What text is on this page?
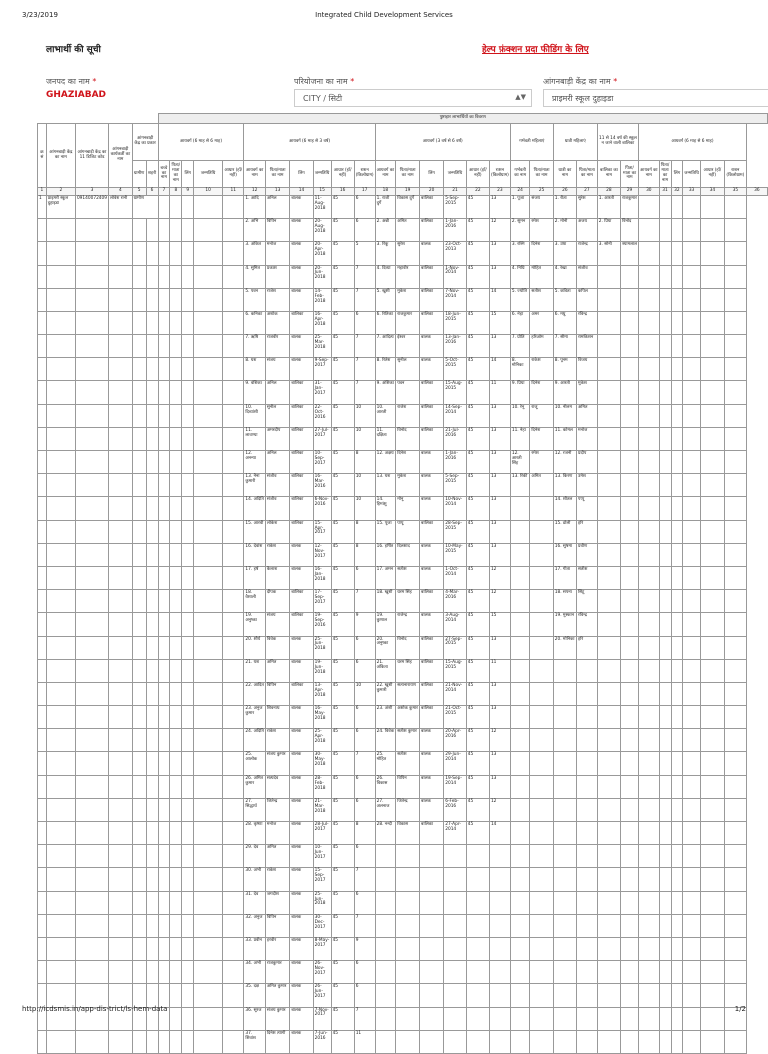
3/23/2019	Integrated Child Development Services
लाभार्थी की सूची	हेल्प फ़ंक्शन प्रदा फीडिंग के लिए
जनपद का नाम *	परियोजना का नाम *	आंगनबाड़ी केंद्र का नाम *
GHAZIABAD	CITY / सिटी	▲▼	प्राइमरी स्कूल दुहाइडा
						पुष्टाहार लाभार्थियों का विवरण																													
क्र सं	आंगनबाड़ी केंद्र का नाम	आंगनबाड़ी केंद्र का 11 डिजिट कोड	आंगनबाड़ी कार्यकर्त्री का नाम	आंगनबाड़ी केंद्र का प्रकार		आयवर्ग (6 माह से 6 माह)					आयवर्ग (6 माह से 3 वर्ष)						आयवर्ग (3 वर्ष से 6 वर्ष)						गर्भवती महिलाएं		धात्री महिलाएं		11 से 14 वर्ष की स्कूल न जाने वाली बालिका		आयवर्ग (6 माह से 6 माह)						
				ग्रामीण	शहरी	बच्चे का नाम	पिता/माता का नाम	लिंग	जन्मतिथि	आधार (हाँ/नहीं)	आयवर्ग का नाम	पिता/माता का नाम	लिंग	जन्मतिथि	आधार (हाँ/नहीं)	राशन (किलोग्राम)	आयवर्ग का नाम	पिता/माता का नाम	लिंग	जन्मतिथि	आधार (हाँ/नहीं)	राशन (किलोग्राम)	गर्भवती का नाम	पिता/माता का नाम	धात्री का नाम	पिता/माता का नाम	बालिका का नाम	पिता/माता का नाम	आयवर्ग का नाम	पिता/माता का नाम	लिंग	जन्मतिथि	आधार (हाँ/नहीं)	राशन (किलोग्राम)	
1	2	3	4	5	6	7	8	9	10	11	12	13	14	15	16	17	18	19	20	21	22	23	24	25	26	27	28	29	30	31	32	33	34	35	36
1	प्राइमरी स्कूल दुहाइडा	09140072409	लोवेश रानी	ग्रामीण							1. आदि	अनिल	बालक	11-Aug-2018	45	6	1. राजी दुर्गे	विकास दुर्गे	बालिका	5-Sep-2015	45	13	1. पूजा	संजय	1. रीता	सुरेश	1. आरती	राजकुमार							
											2. अभि	विपिन	बालक	20-Aug-2018	45	6	2. अन्नी	अमित	बालिका	1-Jan-2016	45	12	2. सुमन	रमेश	2. मोनी	अजय	2. प्रिया	विनोद							
											3. अंकित	मनोज	बालक	20-Apr-2018	45	5	3. रिंकू	सुरेश	बालक	23-Oct-2013	45	13	3. रश्मि	दिनेश	3. उषा	राजेन्द्र	3. सोनी	श्यामलाल							
											4. सुमित	प्रकाश	बालक	20-Jun-2018	45	7	4. दिव्या	महावीर	बालिका	1-Nov-2014	45	13	4. निधि	मोहित	4. रेखा	संजीव									
											5. पवन	राजेश	बालक	14-Feb-2018	45	7	5. खुशी	मुकेश	बालिका	7-Nov-2014	45	14	5. ज्योति	सतीश	5. कविता	कपिल									
											6. कनिका	अशोक	बालिका	16-Apr-2018	45	6	6. रितिका	राजकुमार	बालिका	18-Jun-2015	45	15	6. नेहा	अमर	6. मधु	रविन्द्र									
											7. ऋषि	राजवीर	बालक	25-Mar-2018	45	7	7. आदित्य	ईश्वर	बालक	13-Jan-2016	45	13	7. प्रीति	हरिओम	7. सीमा	रामकिशन									
											8. यश	संजय	बालक	9-Sep-2017	45	7	8. रितेश	सुनील	बालक	5-Oct-2015	45	14	8. मोनिका	राकेश	8. पूनम	विजय									
											9. वंशिका	अनिल	बालिका	31-Jan-2017	45	7	9. अंशिका	पवन	बालिका	15-Aug-2015	45	11	9. प्रिया	दिनेश	9. आरती	मुकेश									
											10. दिव्यांशी	सुनील	बालिका	22-Oct-2016	45	10	10. आरती	राजेश	बालिका	14-Sep-2014	45	13	10. रेनू	राजू	10. नीलम	अमित									
											11. लावण्या	अमरदीप	बालिका	27-Jul-2017	45	10	11. दक्षिता	विनोद	बालिका	21-Jul-2016	45	13	11. नेहा	दिनेश	11. कोमल	मनोज									
											12. अनन्या	अनिल	बालिका	10-Sep-2017	45	8	12. अक्षय	दिनेश	बालक	1-Jan-2016	45	13	12. आरती सिंह	रमेश	12. रजनी	प्रदीप									
											13. नैना कुमारी	संजीव	बालिका	16-Mar-2016	45	10	13. यश	मुकेश	बालक	5-Sep-2015	45	13	13. रिंकी	अमित	13. किरण	उमेश									
											14. अदिति	संजीव	बालिका	6-Nov-2016	45	10	14. हिमांशु	मोनू	बालक	10-Nov-2014	45	13			14. शीतल	पप्पू									
											15. आरवी	लोकेश	बालिका	15-Apr-2017	45	8	15. पूजा	पप्पू	बालिका	28-Sep-2015	45	13			15. डोली	हरि									
											16. देवांश	राकेश	बालक	12-Nov-2017	45	8	16. हर्षित	दिलशाद	बालक	10-May-2015	45	13			16. सुषमा	प्रवीण									
											17. हर्ष	कैलाश	बालक	16-Jan-2018	45	6	17. अमन	सतीश	बालक	1-Oct-2014	45	12			17. गीता	सतीश									
											18. वैशाली	दीपक	बालिका	17-Sep-2017	45	7	18. खुशी	धरम सिंह	बालिका	4-Mar-2016	45	12			18. सपना	सिंटू									
											19. अनुष्का	संजय	बालिका	19-Sep-2016	45	9	19. कुणाल	राजेन्द्र	बालक	3-Aug-2014	45	15			19. मुस्कान	रविन्द्र									
											20. शौर्य	विवेक	बालक	25-Jun-2018	45	6	20. अनुष्का	विनोद	बालिका	27-Sep-2015	45	13			20. मोनिका	हरि									
											21. यश	अमित	बालक	19-Jun-2018	45	6	21. अंकिता	धरम सिंह	बालिका	15-Aug-2015	45	11													
											22. आदित	विपिन	बालिका	13-Apr-2018	45	10	22. खुशी कुमारी	सत्यनारायण	बालिका	21-Nov-2014	45	13													
											23. अनुज कुमार	शिवनाथ	बालक	16-May-2018	45	6	23. अंशी	अशोक कुमार	बालिका	21-Oct-2015	45	13													
											24. अदिति	राकेश	बालक	25-Apr-2018	45	6	24. विवेक	सतीश कुमार	बालक	20-Apr-2016	45	12													
											25. आलोक	संजय कुमार	बालक	30-May-2018	45	7	25. मोहित	सतीश	बालक	29-Jun-2014	45	13													
											26. अमित कुमार	सत्यदेव	बालक	28-Feb-2018	45	6	26. विकास	विपिन	बालक	19-Sep-2014	45	13													
											27. सिद्धार्थ	जितेन्द्र	बालक	21-Mar-2018	45	6	27. अलनाज	जितेन्द्र	बालक	6-Feb-2016	45	12													
											28. कृष्णा	मनोज	बालक	28-Jul-2017	45	8	28. नन्दी	विकास	बालिका	27-Apr-2014	45	14													
											29. देव	अमित	बालक	10-Jun-2017	45	6																			
											30. अभी	राकेश	बालक	15-Sep-2017	45	7																			
											31. देव	जगदीश	बालक	25-Jun-2018	45	6																			
											32. अनुज	विपिन	बालक	30-Dec-2017	45	7																			
											33. प्रवीन	हरवीर	बालक	8-May-2017	45	9																			
											34. अभी	राजकुमार	बालक	26-Nov-2017	45	6																			
											35. दक्ष	अमित कुमार	बालक	26-Jun-2017	45	6																			
											36. सूरज	संजय कुमार	बालक	7-Nov-2017	45	7																			
											37. शिवांश	दिनेश त्यागी	बालक	7-Jun-2016	45	11																			
http://icdsmis.in/app-dis-trict/ls-hem-data	1/2
